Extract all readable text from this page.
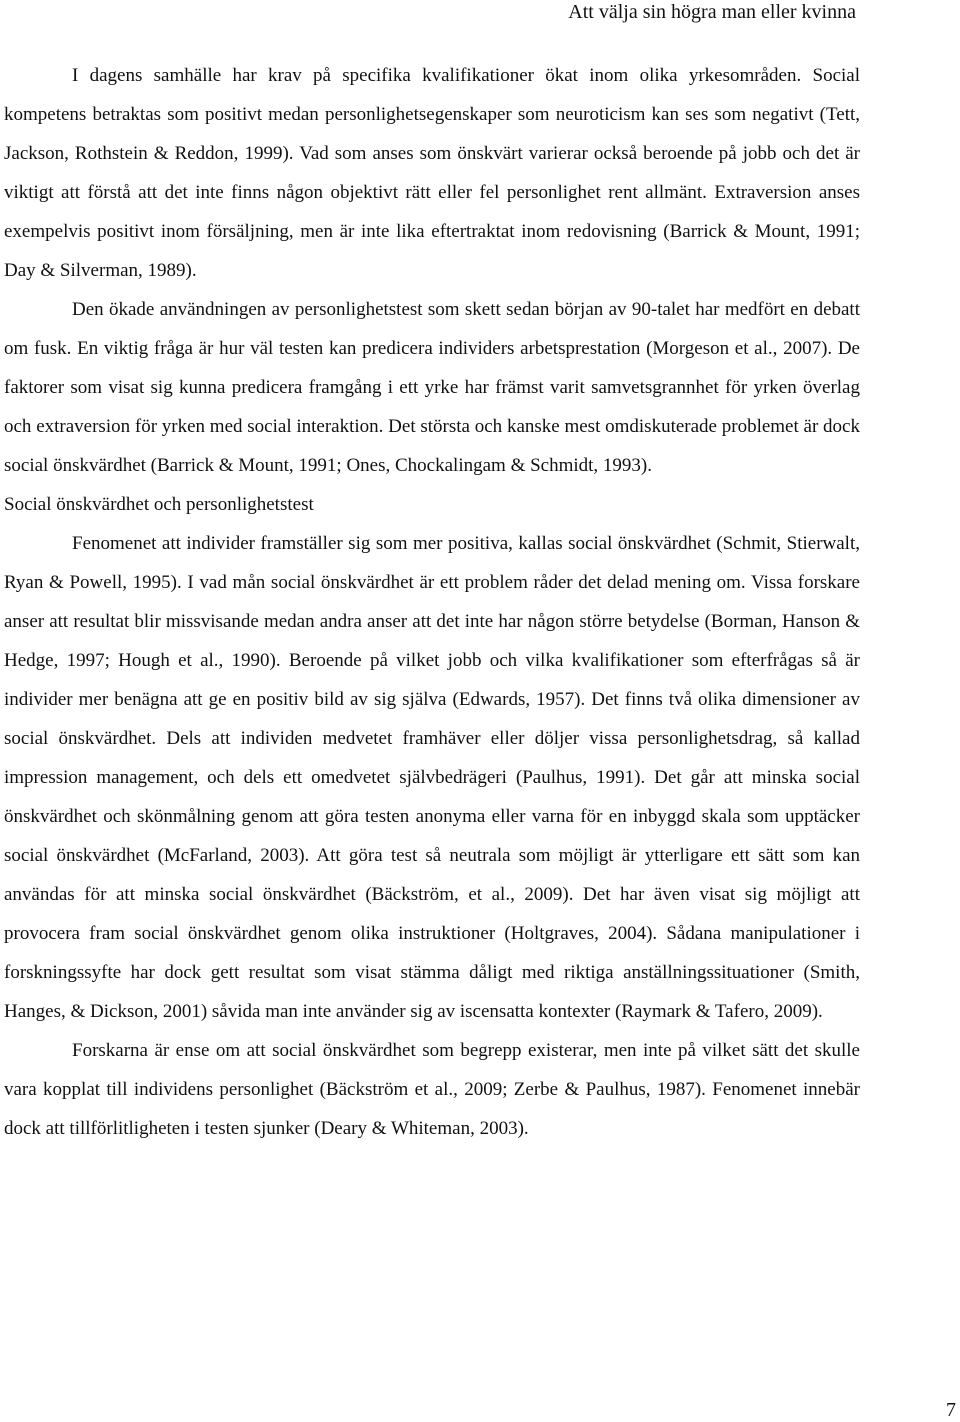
Att välja sin högra man eller kvinna

I dagens samhälle har krav på specifika kvalifikationer ökat inom olika yrkesområden. Social kompetens betraktas som positivt medan personlighetsegenskaper som neuroticism kan ses som negativt (Tett, Jackson, Rothstein & Reddon, 1999). Vad som anses som önskvärt varierar också beroende på jobb och det är viktigt att förstå att det inte finns någon objektivt rätt eller fel personlighet rent allmänt. Extraversion anses exempelvis positivt inom försäljning, men är inte lika eftertraktat inom redovisning (Barrick & Mount, 1991; Day & Silverman, 1989).

Den ökade användningen av personlighetstest som skett sedan början av 90-talet har medfört en debatt om fusk. En viktig fråga är hur väl testen kan predicera individers arbetsprestation (Morgeson et al., 2007). De faktorer som visat sig kunna predicera framgång i ett yrke har främst varit samvetsgrannhet för yrken överlag och extraversion för yrken med social interaktion. Det största och kanske mest omdiskuterade problemet är dock social önskvärdhet (Barrick & Mount, 1991; Ones, Chockalingam & Schmidt, 1993).

Social önskvärdhet och personlighetstest

Fenomenet att individer framställer sig som mer positiva, kallas social önskvärdhet (Schmit, Stierwalt, Ryan & Powell, 1995). I vad mån social önskvärdhet är ett problem råder det delad mening om. Vissa forskare anser att resultat blir missvisande medan andra anser att det inte har någon större betydelse (Borman, Hanson & Hedge, 1997; Hough et al., 1990). Beroende på vilket jobb och vilka kvalifikationer som efterfrågas så är individer mer benägna att ge en positiv bild av sig själva (Edwards, 1957). Det finns två olika dimensioner av social önskvärdhet. Dels att individen medvetet framhäver eller döljer vissa personlighetsdrag, så kallad impression management, och dels ett omedvetet självbedrägeri (Paulhus, 1991). Det går att minska social önskvärdhet och skönmålning genom att göra testen anonyma eller varna för en inbyggd skala som upptäcker social önskvärdhet (McFarland, 2003). Att göra test så neutrala som möjligt är ytterligare ett sätt som kan användas för att minska social önskvärdhet (Bäckström, et al., 2009). Det har även visat sig möjligt att provocera fram social önskvärdhet genom olika instruktioner (Holtgraves, 2004). Sådana manipulationer i forskningssyfte har dock gett resultat som visat stämma dåligt med riktiga anställningssituationer (Smith, Hanges, & Dickson, 2001) såvida man inte använder sig av iscensatta kontexter (Raymark & Tafero, 2009).

Forskarna är ense om att social önskvärdhet som begrepp existerar, men inte på vilket sätt det skulle vara kopplat till individens personlighet (Bäckström et al., 2009; Zerbe & Paulhus, 1987). Fenomenet innebär dock att tillförlitligheten i testen sjunker (Deary & Whiteman, 2003).

7
